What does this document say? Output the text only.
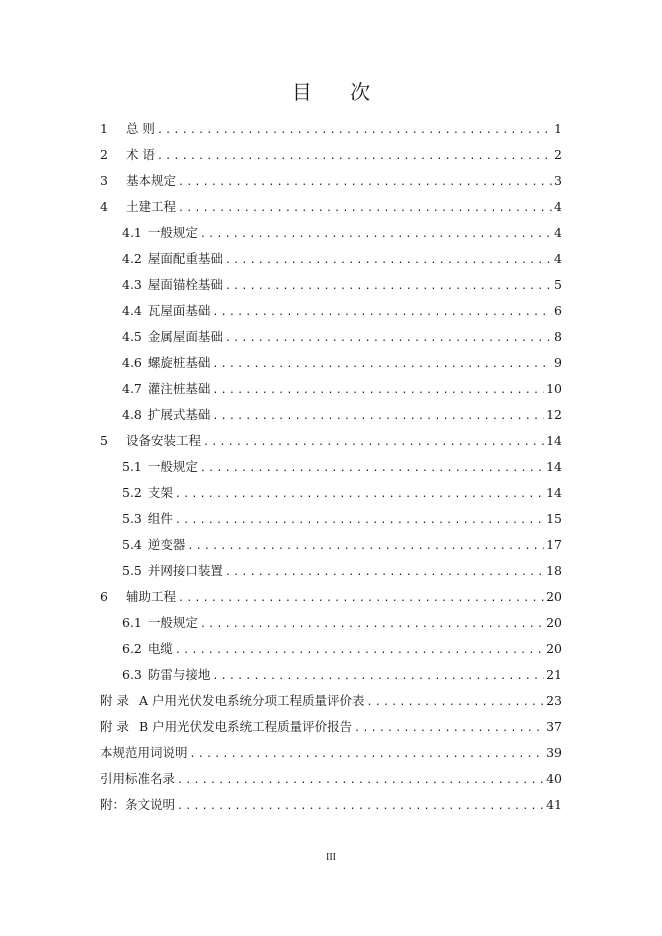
目 次
1 总 则 .....	1
2 术 语 .....	2
3 基本规定 .....	3
4 土建工程 .....	4
4.1 一般规定 .....	4
4.2 屋面配重基础 .....	4
4.3 屋面锚栓基础 .....	5
4.4 瓦屋面基础 .....	6
4.5 金属屋面基础 .....	8
4.6 螺旋桩基础 .....	9
4.7 灌注桩基础 .....	10
4.8 扩展式基础 .....	12
5 设备安装工程 .....	14
5.1 一般规定 .....	14
5.2 支架 .....	14
5.3 组件 .....	15
5.4 逆变器 .....	17
5.5 并网接口装置 .....	18
6 辅助工程 .....	20
6.1 一般规定 .....	20
6.2 电缆 .....	20
6.3 防雷与接地 .....	21
附 录 A 户用光伏发电系统分项工程质量评价表 .....	23
附 录 B 户用光伏发电系统工程质量评价报告 .....	37
本规范用词说明 .....	39
引用标准名录 .....	40
附：条文说明 .....	41
III
